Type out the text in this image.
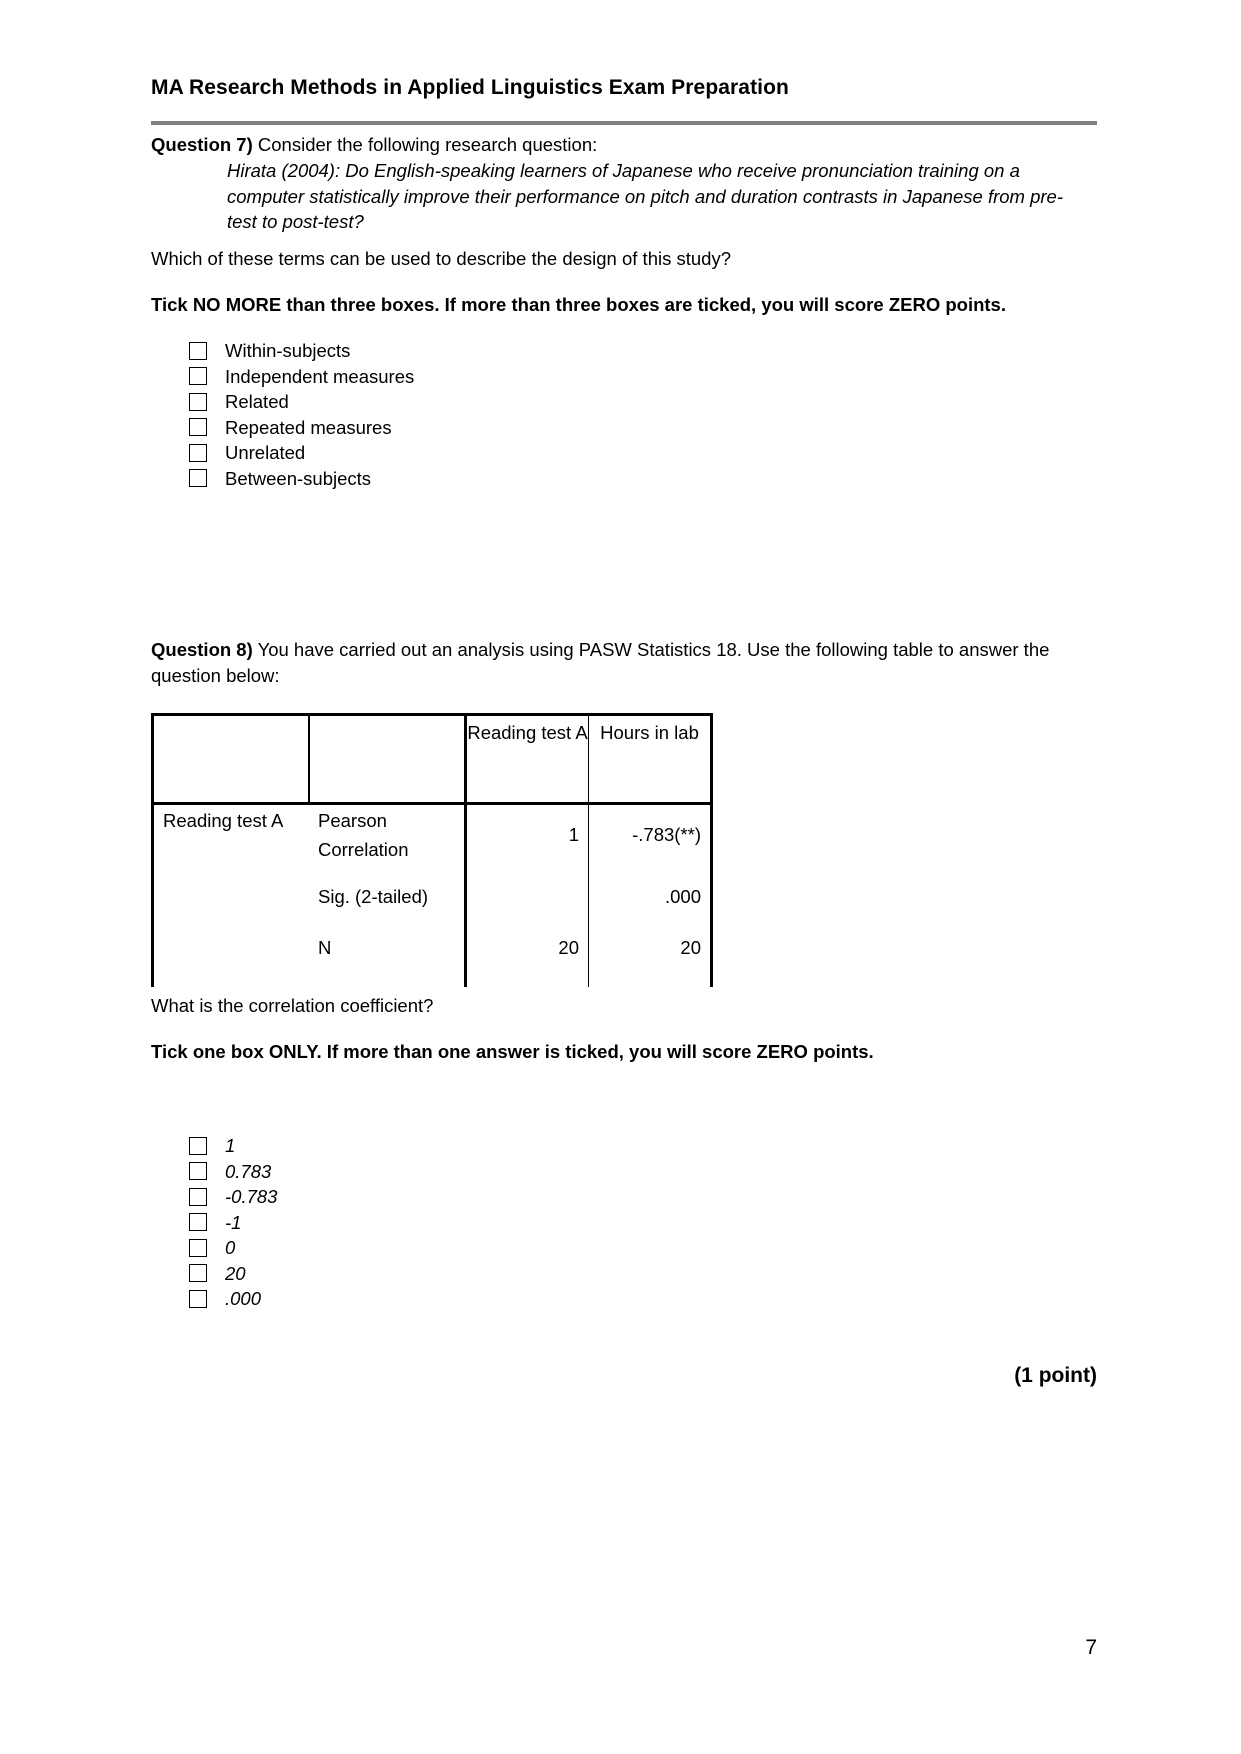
MA Research Methods in Applied Linguistics Exam Preparation
Question 7) Consider the following research question:
Hirata (2004): Do English-speaking learners of Japanese who receive pronunciation training on a computer statistically improve their performance on pitch and duration contrasts in Japanese from pre-test to post-test?
Which of these terms can be used to describe the design of this study?
Tick NO MORE than three boxes. If more than three boxes are ticked, you will score ZERO points.
Within-subjects
Independent measures
Related
Repeated measures
Unrelated
Between-subjects
Question 8) You have carried out an analysis using PASW Statistics 18. Use the following table to answer the question below:
		Reading test A	Hours in lab
Reading test A	Pearson Correlation	1	-.783(**)
	Sig. (2-tailed)		.000
	N	20	20
What is the correlation coefficient?
Tick one box ONLY. If more than one answer is ticked, you will score ZERO points.
1
0.783
-0.783
-1
0
20
.000
(1 point)
7
